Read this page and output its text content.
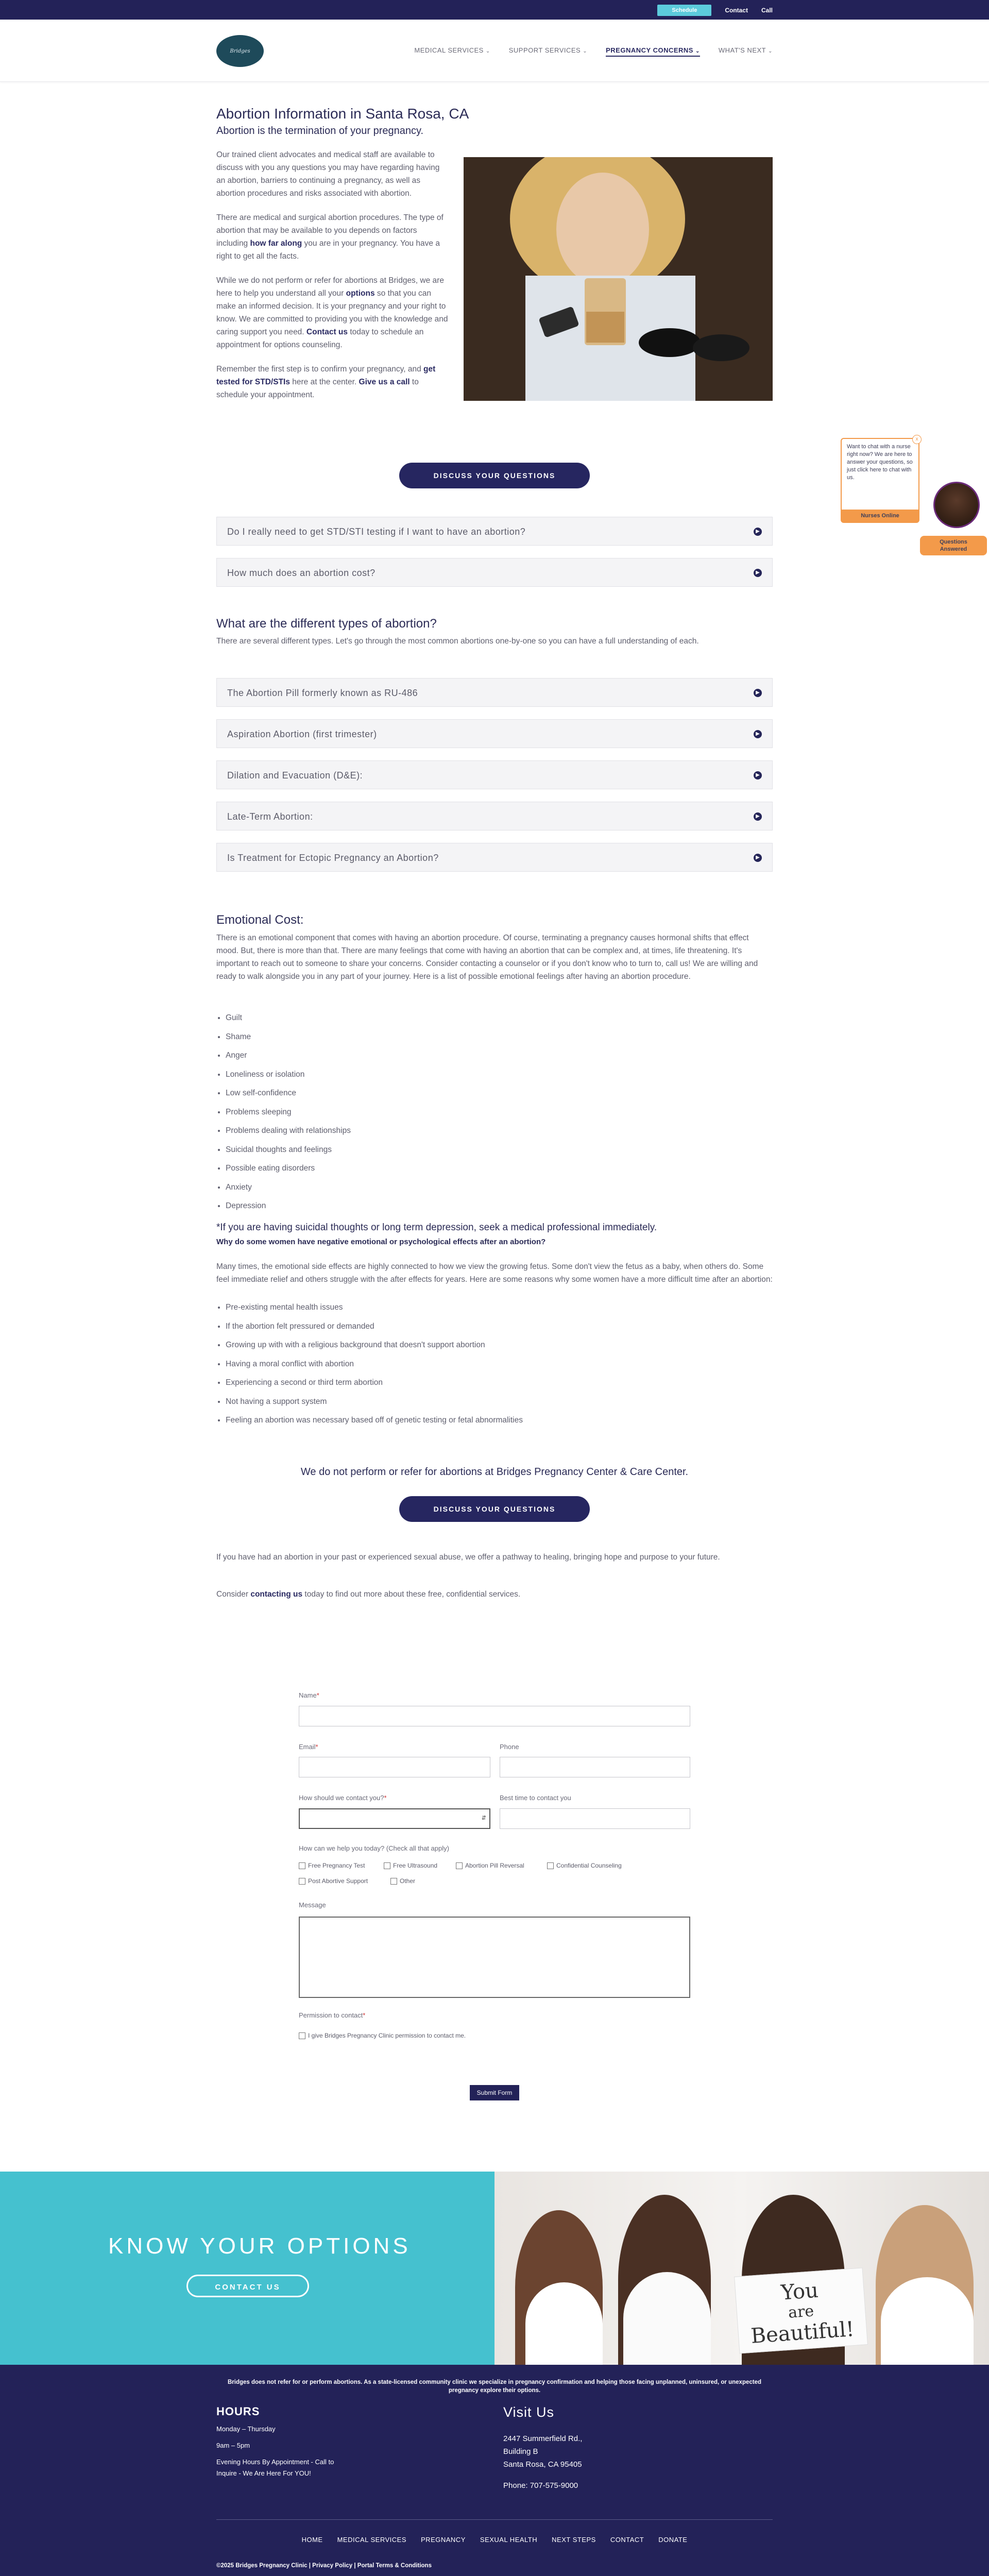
Schedule	Contact Call
Bridges	MEDICAL SERVICES ⌄	SUPPORT SERVICES ⌄	PREGNANCY CONCERNS ⌄	WHAT'S NEXT ⌄
Abortion Information in Santa Rosa, CA
Abortion is the termination of your pregnancy.

Our trained client advocates and medical staff are available to discuss with you any questions you may have regarding having an abortion, barriers to continuing a pregnancy, as well as abortion procedures and risks associated with abortion.

There are medical and surgical abortion procedures. The type of abortion that may be available to you depends on factors including how far along you are in your pregnancy. You have a right to get all the facts.

While we do not perform or refer for abortions at Bridges, we are here to help you understand all your options so that you can make an informed decision. It is your pregnancy and your right to know. We are committed to providing you with the knowledge and caring support you need. Contact us today to schedule an appointment for options counseling.

Remember the first step is to confirm your pregnancy, and get tested for STD/STIs here at the center. Give us a call to schedule your appointment.

DISCUSS YOUR QUESTIONS
Do I really need to get STD/STI testing if I want to have an abortion?	▶
How much does an abortion cost?	▶
What are the different types of abortion?

There are several different types. Let's go through the most common abortions one-by-one so you can have a full understanding of each.

The Abortion Pill formerly known as RU-486	▶
Aspiration Abortion (first trimester)	▶
Dilation and Evacuation (D&E):	▶
Late-Term Abortion:	▶
Is Treatment for Ectopic Pregnancy an Abortion?	▶
Emotional Cost:

There is an emotional component that comes with having an abortion procedure. Of course, terminating a pregnancy causes hormonal shifts that effect mood. But, there is more than that. There are many feelings that come with having an abortion that can be complex and, at times, life threatening. It's important to reach out to someone to share your concerns. Consider contacting a counselor or if you don't know who to turn to, call us! We are willing and ready to walk alongside you in any part of your journey. Here is a list of possible emotional feelings after having an abortion procedure.

• Guilt
• Shame
• Anger
• Loneliness or isolation
• Low self-confidence
• Problems sleeping
• Problems dealing with relationships
• Suicidal thoughts and feelings
• Possible eating disorders
• Anxiety
• Depression
*If you are having suicidal thoughts or long term depression, seek a medical professional immediately.
Why do some women have negative emotional or psychological effects after an abortion?

Many times, the emotional side effects are highly connected to how we view the growing fetus. Some don't view the fetus as a baby, when others do. Some feel immediate relief and others struggle with the after effects for years. Here are some reasons why some women have a more difficult time after an abortion:

• Pre-existing mental health issues
• If the abortion felt pressured or demanded
• Growing up with with a religious background that doesn't support abortion
• Having a moral conflict with abortion
• Experiencing a second or third term abortion
• Not having a support system
• Feeling an abortion was necessary based off of genetic testing or fetal abnormalities
We do not perform or refer for abortions at Bridges Pregnancy Center & Care Center.
DISCUSS YOUR QUESTIONS

If you have had an abortion in your past or experienced sexual abuse, we offer a pathway to healing, bringing hope and purpose to your future.

Consider contacting us today to find out more about these free, confidential services.

x
Want to chat with a nurse right now? We are here to answer your questions, so just click here to chat with us.
Nurses Online
Questions
Answered
Name*
Email*	Phone
How should we contact you?*
⇵
Best time to contact you
How can we help you today? (Check all that apply)
Free Pregnancy Test	Free Ultrasound	Abortion Pill Reversal	Confidential Counseling
Post Abortive Support	Other
Message
Permission to contact*
I give Bridges Pregnancy Clinic permission to contact me.
Submit Form
KNOW YOUR OPTIONS
CONTACT US	You
are
Beautiful!
Bridges does not refer for or perform abortions. As a state-licensed community clinic we specialize in pregnancy confirmation and helping those facing unplanned, uninsured, or unexpected pregnancy explore their options.
HOURS
Monday – Thursday
9am – 5pm
Evening Hours By Appointment - Call to Inquire - We Are Here For YOU!
Visit Us
2447 Summerfield Rd., Building B
Santa Rosa, CA 95405
Phone: 707-575-9000
HOME MEDICAL SERVICES PREGNANCY SEXUAL HEALTH NEXT STEPS CONTACT DONATE
©2025 Bridges Pregnancy Clinic | Privacy Policy | Portal Terms & Conditions
